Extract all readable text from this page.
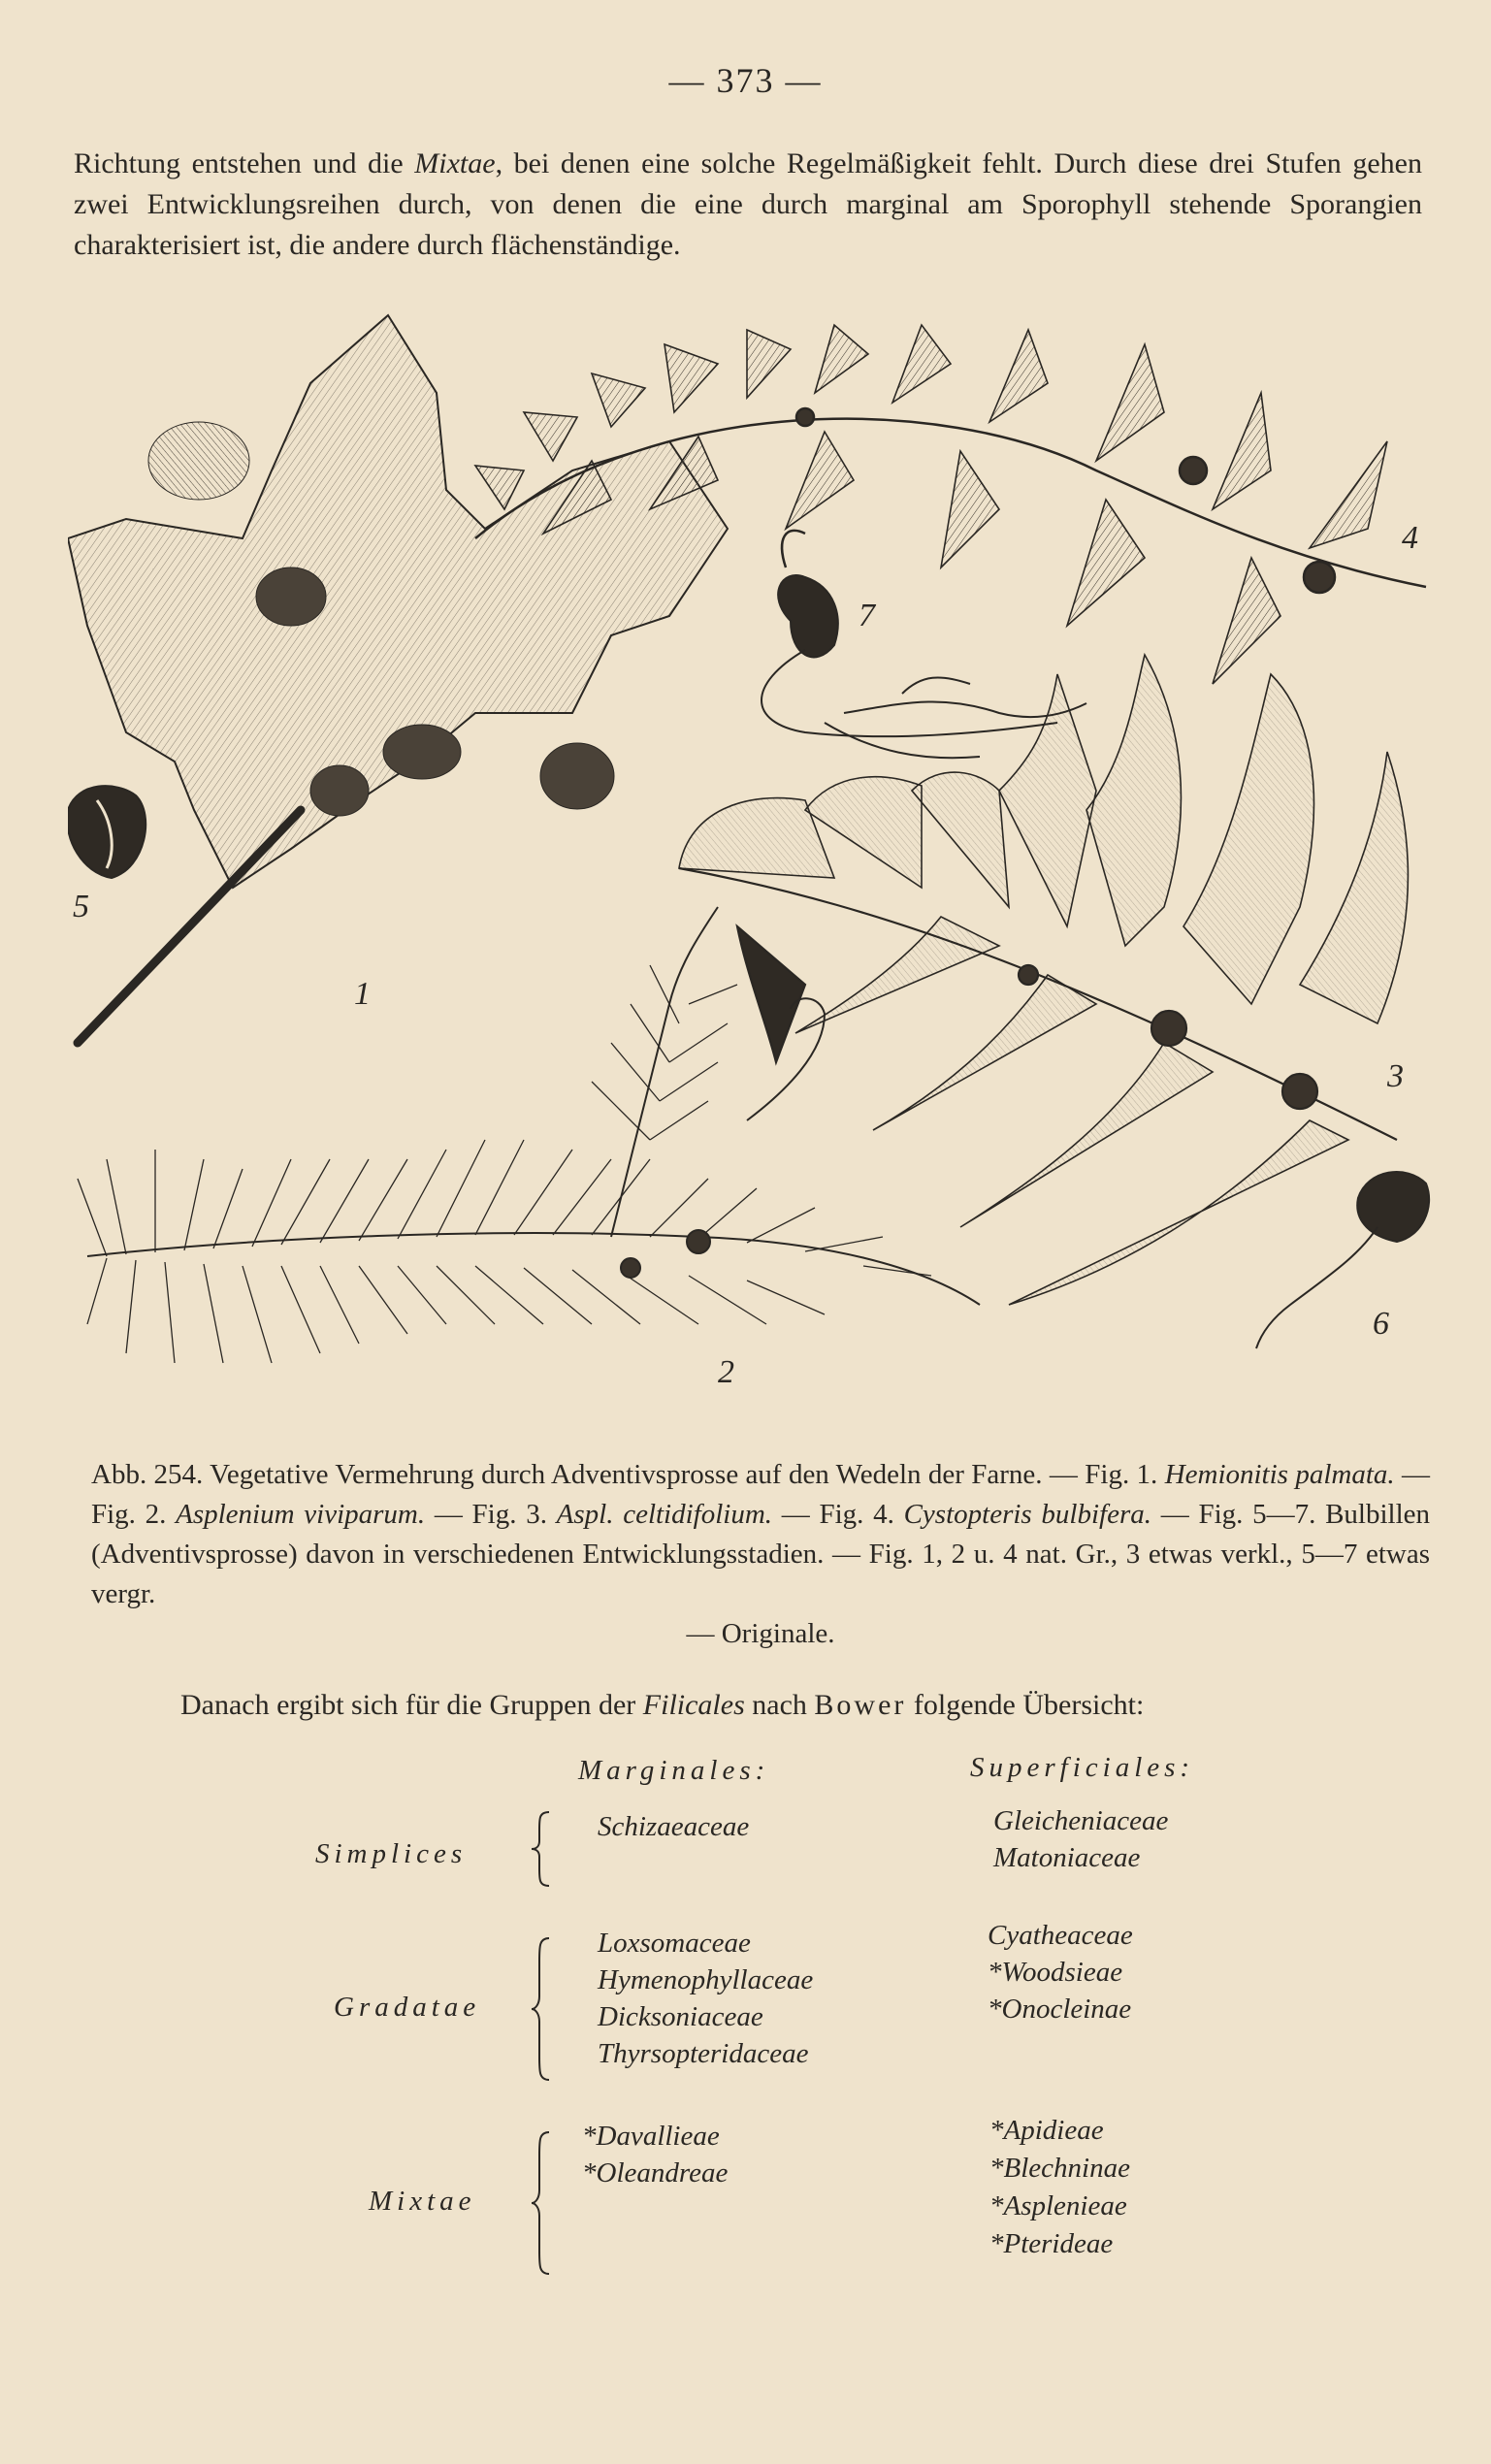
— 373 —
Richtung entstehen und die Mixtae, bei denen eine solche Regelmäßigkeit fehlt. Durch diese drei Stufen gehen zwei Entwicklungsreihen durch, von denen die eine durch marginal am Sporophyll stehende Sporangien charakterisiert ist, die andere durch flächenständige.
1
2
3
4
5
6
7
Abb. 254. Vegetative Vermehrung durch Adventivsprosse auf den Wedeln der Farne. — Fig. 1. Hemionitis palmata. — Fig. 2. Asplenium viviparum. — Fig. 3. Aspl. celtidifolium. — Fig. 4. Cystopteris bulbifera. — Fig. 5—7. Bulbillen (Adventivsprosse) davon in verschiedenen Entwicklungsstadien. — Fig. 1, 2 u. 4 nat. Gr., 3 etwas verkl., 5—7 etwas vergr.
— Originale.
Danach ergibt sich für die Gruppen der Filicales nach Bower folgende Übersicht:
Marginales:	Superficiales:
Simplices
Schizaeaceae	Gleicheniaceae
Matoniaceae
Gradatae
Loxsomaceae
Hymenophyllaceae
Dicksoniaceae
Thyrsopteridaceae
Cyatheaceae
*Woodsieae
*Onocleinae
Mixtae
*Davallieae
*Oleandreae
*Apidieae
*Blechninae
*Asplenieae
*Pterideae
